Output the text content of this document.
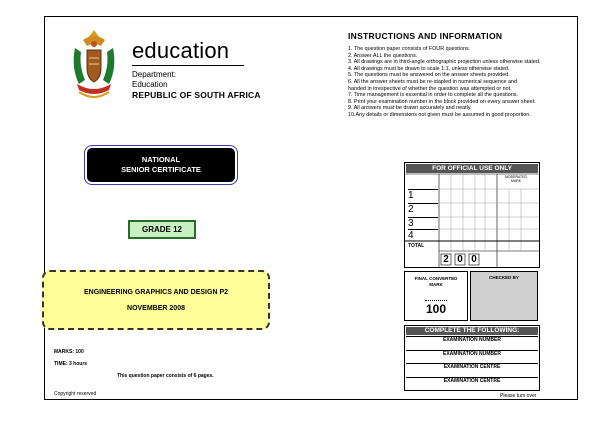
education
Department:
Education
REPUBLIC OF SOUTH AFRICA
INSTRUCTIONS AND INFORMATION
1. The question paper consists of FOUR questions.
2. Answer ALL the questions.
3. All drawings are in third-angle orthographic projection unless otherwise stated.
4. All drawings must be drawn to scale 1:1, unless otherwise stated.
5. The questions must be answered on the answer sheets provided.
6. All the answer sheets must be re-stapled in numerical sequence and
handed in irrespective of whether the question was attempted or not.
7. Time management is essential in order to complete all the questions.
8. Print your examination number in the block provided on every answer sheet.
9. All answers must be drawn accurately and neatly.
10.Any details or dimensions not given must be assumed in good proportion.
NATIONAL
SENIOR CERTIFICATE
GRADE 12
ENGINEERING GRAPHICS AND DESIGN P2
NOVEMBER 2008
MARKS: 100
TIME: 3 hours
This question paper consists of 6 pages.
Copyright reserved	Please turn over
FOR OFFICIAL USE ONLY
MODERATED
MARK
1
2
3
4
TOTAL
2 0 0
FINAL CONVERTED
MARK
100
CHECKED BY
COMPLETE THE FOLLOWING:
EXAMINATION NUMBER
EXAMINATION NUMBER
EXAMINATION CENTRE
EXAMINATION CENTRE
